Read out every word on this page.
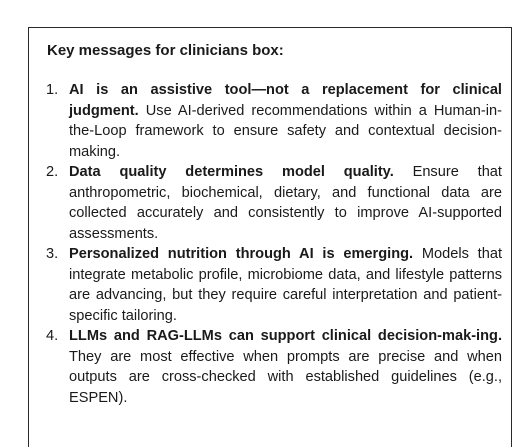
Key messages for clinicians box:
1. AI is an assistive tool—not a replacement for clinical judgment. Use AI-derived recommendations within a Human-in-the-Loop framework to ensure safety and contextual decision-making.
2. Data quality determines model quality. Ensure that anthropometric, biochemical, dietary, and functional data are collected accurately and consistently to improve AI-supported assessments.
3. Personalized nutrition through AI is emerging. Models that integrate metabolic profile, microbiome data, and lifestyle patterns are advancing, but they require careful interpretation and patient-specific tailoring.
4. LLMs and RAG-LLMs can support clinical decision-mak-ing. They are most effective when prompts are precise and when outputs are cross-checked with established guidelines (e.g., ESPEN).
